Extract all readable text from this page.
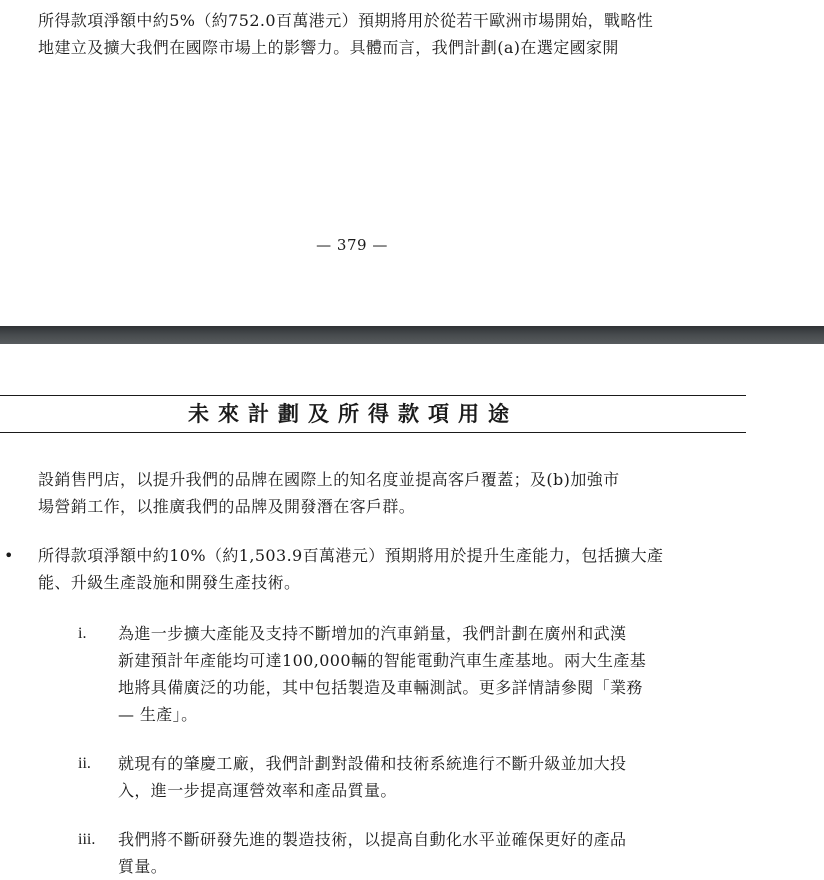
所得款項淨額中約5%（約752.0百萬港元）預期將用於從若干歐洲市場開始，戰略性
地建立及擴大我們在國際市場上的影響力。具體而言，我們計劃(a)在選定國家開

— 379 —
未來計劃及所得款項用途

設銷售門店，以提升我們的品牌在國際上的知名度並提高客戶覆蓋；及(b)加強市
場營銷工作，以推廣我們的品牌及開發潛在客戶群。

• 所得款項淨額中約10%（約1,503.9百萬港元）預期將用於提升生產能力，包括擴大產
能、升級生產設施和開發生產技術。

i. 為進一步擴大產能及支持不斷增加的汽車銷量，我們計劃在廣州和武漢
新建預計年產能均可達100,000輛的智能電動汽車生產基地。兩大生產基
地將具備廣泛的功能，其中包括製造及車輛測試。更多詳情請參閱「業務
— 生產」。

ii. 就現有的肇慶工廠，我們計劃對設備和技術系統進行不斷升級並加大投
入，進一步提高運營效率和產品質量。

iii. 我們將不斷研發先進的製造技術，以提高自動化水平並確保更好的產品
質量。
